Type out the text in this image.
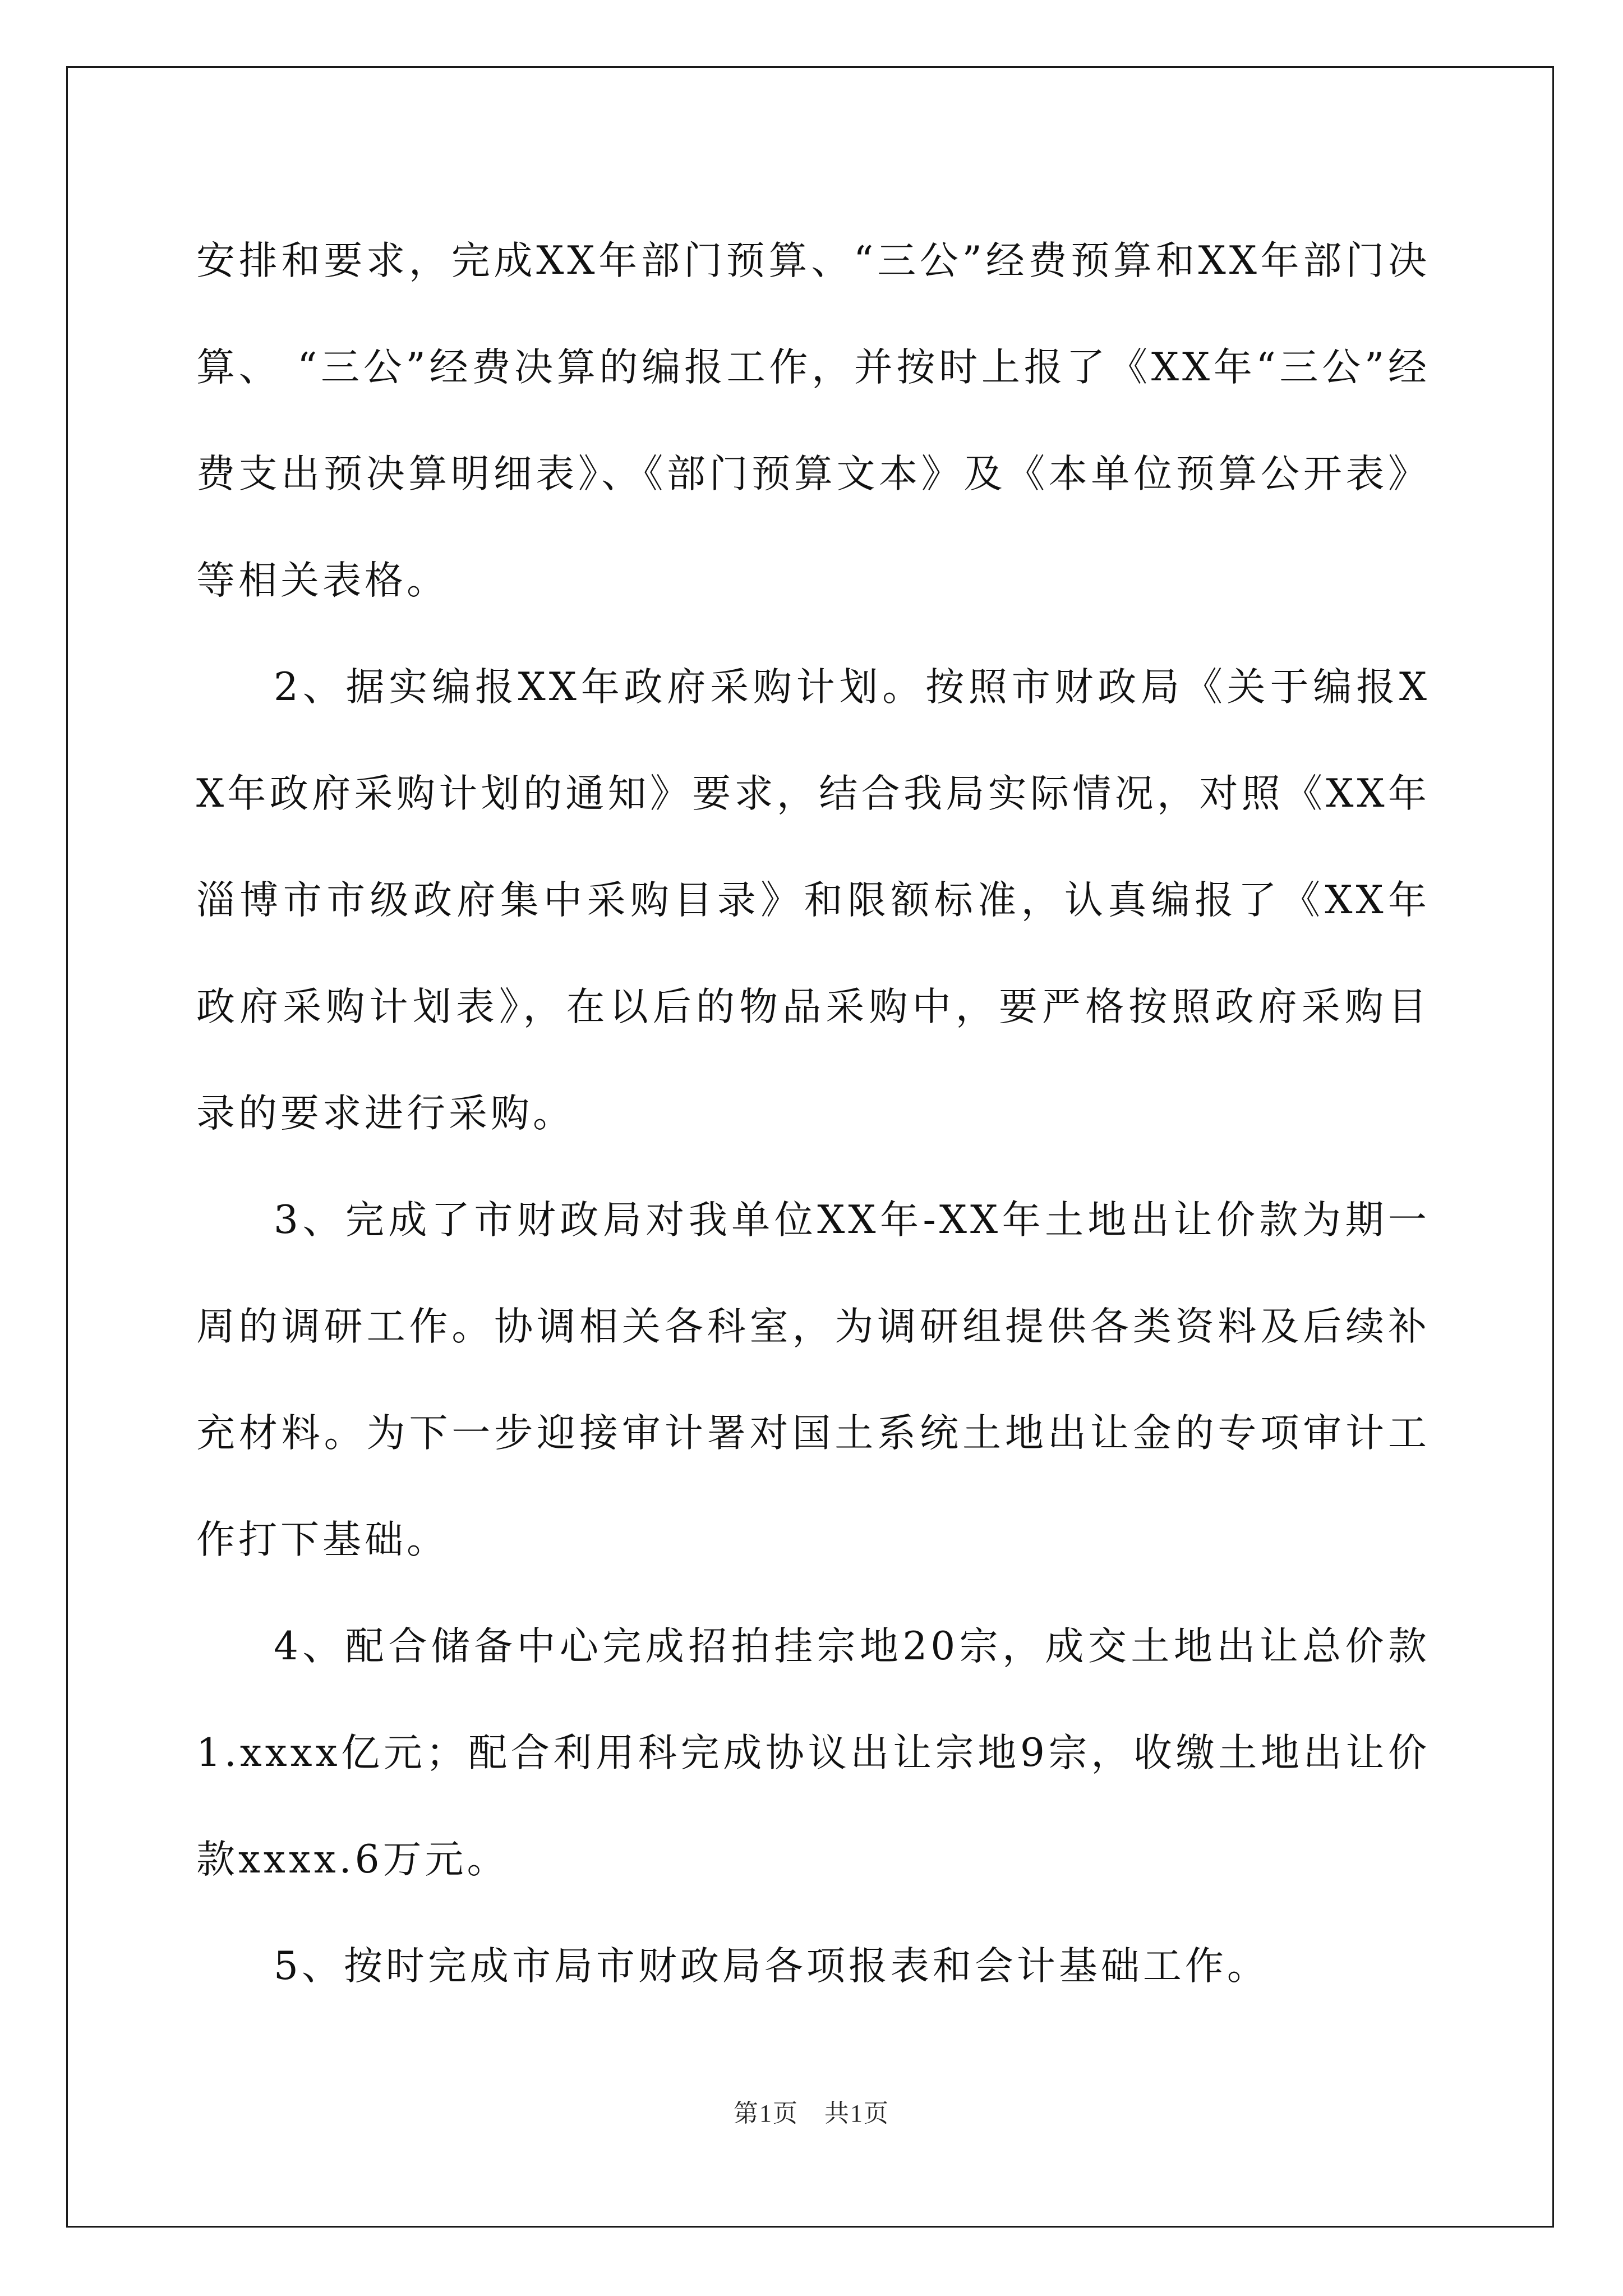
安排和要求，完成XX年部门预算、“三公”经费预算和XX年部门决算、 “三公”经费决算的编报工作，并按时上报了《XX年“三公”经费支出预决算明细表》、《部门预算文本》及《本单位预算公开表》等相关表格。

2、据实编报XX年政府采购计划。按照市财政局《关于编报XX年政府采购计划的通知》要求，结合我局实际情况，对照《XX年淄博市市级政府集中采购目录》和限额标准，认真编报了《XX年政府采购计划表》，在以后的物品采购中，要严格按照政府采购目录的要求进行采购。

3、完成了市财政局对我单位XX年-XX年土地出让价款为期一周的调研工作。协调相关各科室，为调研组提供各类资料及后续补充材料。为下一步迎接审计署对国土系统土地出让金的专项审计工作打下基础。

4、配合储备中心完成招拍挂宗地20宗，成交土地出让总价款1.xxxx亿元；配合利用科完成协议出让宗地9宗，收缴土地出让价款xxxx.6万元。

5、按时完成市局市财政局各项报表和会计基础工作。

第1页　共1页
